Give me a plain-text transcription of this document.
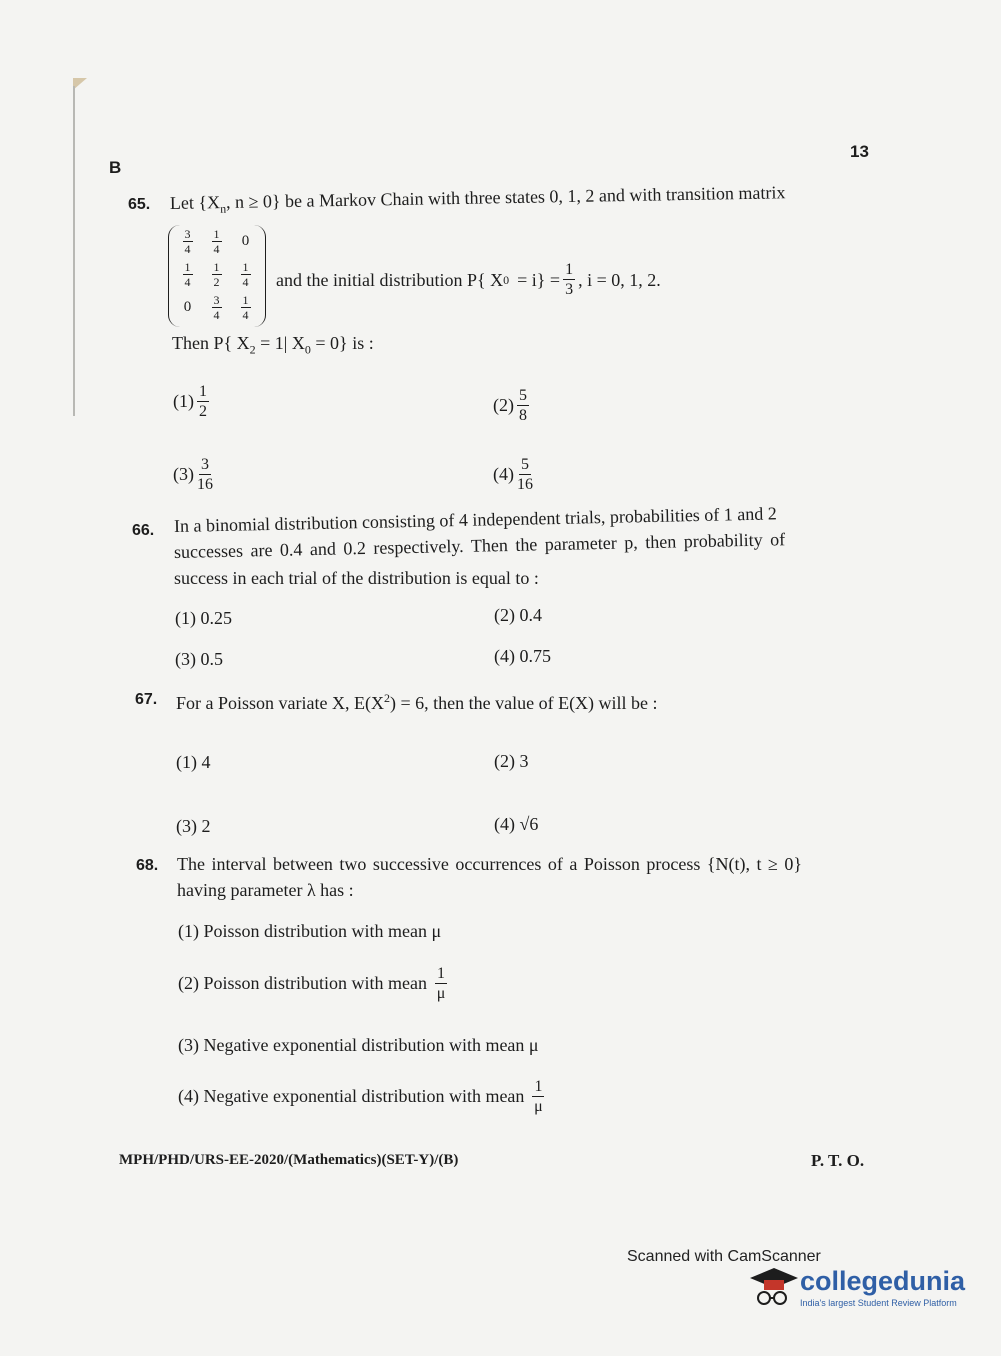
B
13
65. Let {$X_n$, n ≥ 0} be a Markov Chain with three states 0, 1, 2 and with transition matrix
$\frac{3}{4}$	$\frac{1}{4}$	0

$\frac{1}{4}$	$\frac{1}{2}$	$\frac{1}{4}$

0	$\frac{3}{4}$	$\frac{1}{4}$
and the initial distribution P{ X $0 = i\} = \frac{1}{3}$ , i = 0, 1, 2.
Then P{ $X_2 = 1|$ $X_0 = 0$} is :
$(1) \frac{1}{2}$	$(2) \frac{5}{8}$
$(3) \frac{3}{16}$	$(4) \frac{5}{16}$
66. In a binomial distribution consisting of 4 independent trials, probabilities of 1 and 2
successes are 0.4 and 0.2 respectively. Then the parameter p, then probability of
success in each trial of the distribution is equal to :
(1)
0.25	(2)
0.4
(3)
0.5	(4)
0.75
67. For a Poisson variate X, $E(X^2) = 6$, then the value of E(X) will be :
(1)
4	(2)
3
(3)
2	(4)
√6
68. The interval between two successive occurrences of a Poisson process {N(t), t ≥ 0}
having parameter λ has :
(1)
Poisson distribution with mean μ
(2)
Poisson distribution with mean $\frac{1}{\mu}$
(3)
Negative exponential distribution with mean μ
(4)
Negative exponential distribution with mean $\frac{1}{\mu}$
MPH/PHD/URS-EE-2020/(Mathematics)(SET-Y)/(B)	P. T. O.
Scanned with CamScanner
collegedunia
India's largest Student Review Platform
